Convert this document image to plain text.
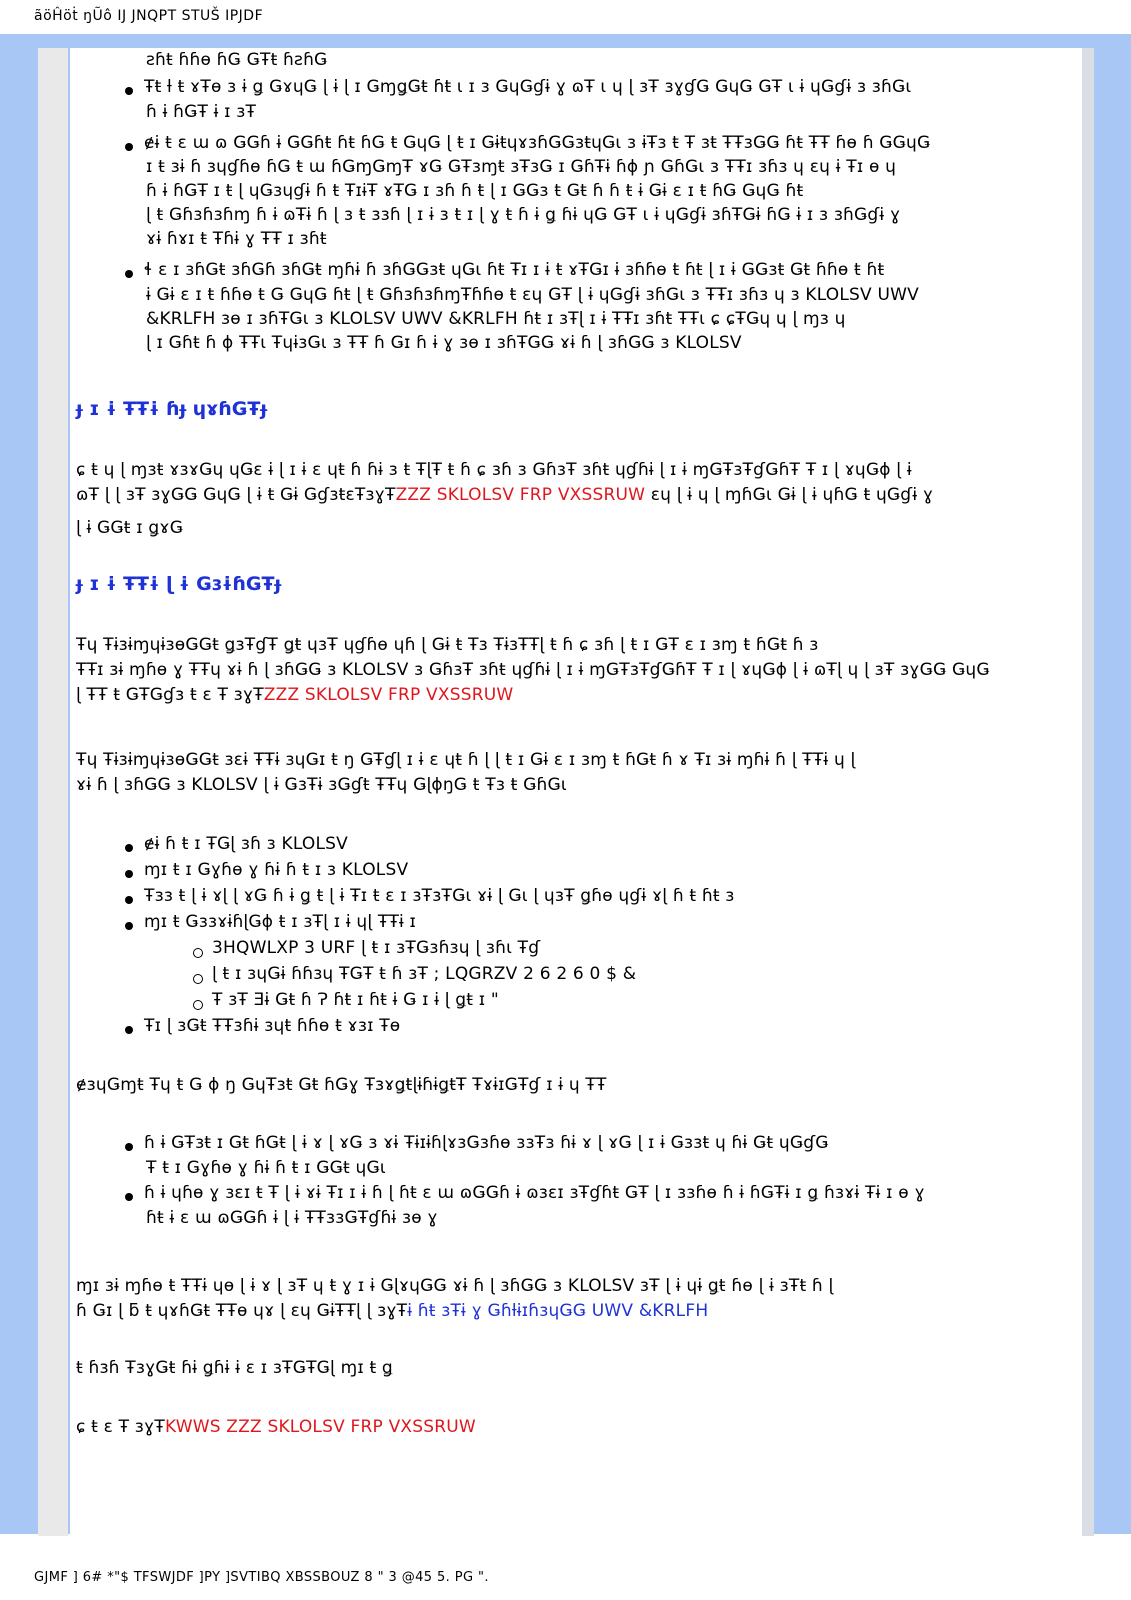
ãöĤöṫ ŋŨô IJ JNQPT STUŠ IPJDF
ƨɦŧ ɦɦɵ ɦǤ ǤŦŧ ɦƨɦǤ
Ŧŧ ƚ ŧ ɤŦɵ ɜ ɨ ǥ ǤɤɥǤ ɭ ɨ ɭ ɪ ǤɱǥǤŧ ɦŧ ɩ ɪ ɜ ǤɥǤɠɨ ɣ ɷŦ ɩ ɥ ɭ ɜŦ ɜɣɠǤ ǤɥǤ ǤŦ ɩ ɨ ɥǤɠɨ ɜ ɜɦǤɩ
ɦ ɨ ɦǤŦ ɨ ɪ ɜŦ
ɇɨ ŧ ɛ ɯ ɷ ǤǤɦ ɨ ǤǤɦŧ ɦŧ ɦǤ ŧ ǤɥǤ ɭ ŧ ɪ ǤɨŧɥɤɜɦǤǤɜŧɥǤɩ ɜ ɨŦɜ ŧ Ŧ ɜŧ ŦŦɜǤǤ ɦŧ ŦŦ ɦɵ ɦ ǤǤɥǤ
ɪ ŧ ɜɨ ɦ ɜɥɠɦɵ ɦǤ ŧ ɯ ɦǤɱǤɱŦ ɤǤ ǤŦɜɱŧ ɜŦɜǤ ɪ ǤɦŦɨ ɦɸ ɲ ǤɦǤɩ ɜ ŦŦɪ ɜɦɜ ɥ ɛɥ ɨ Ŧɪ ɵ ɥ
ɦ ɨ ɦǤŦ ɪ ŧ ɭ ɥǤɜɥɠɨ ɦ ŧ ŦɪɨŦ ɤŦǤ ɪ ɜɦ ɦ ŧ ɭ ɪ ǤǤɜ ŧ Ǥŧ ɦ ɦ ŧ ɨ Ǥɨ ɛ ɪ ŧ ɦǤ ǤɥǤ ɦŧ
ɭ ŧ Ǥɦɜɦɜɦɱ ɦ ɨ ɷŦɨ ɦ ɭ ɜ ŧ ɜɜɦ ɭ ɪ ɨ ɜ ŧ ɪ ɭ ɣ ŧ ɦ ɨ ǥ ɦɨ ɥǤ ǤŦ ɩ ɨ ɥǤɠɨ ɜɦŦǤɨ ɦǤ ɨ ɪ ɜ ɜɦǤɠɨ ɣ
ɤɨ ɦɤɪ ŧ Ŧɦɨ ɣ ŦŦ ɪ ɜɦŧ
ɬ ɛ ɪ ɜɦǤŧ ɜɦǤɦ ɜɦǤŧ ɱɦɨ ɦ ɜɦǤǤɜŧ ɥǤɩ ɦŧ Ŧɪ ɪ ɨ ŧ ɤŦǤɪ ɨ ɜɦɦɵ ŧ ɦŧ ɭ ɪ ɨ ǤǤɜŧ Ǥŧ ɦɦɵ ŧ ɦŧ
ɨ Ǥɨ ɛ ɪ ŧ ɦɦɵ ŧ Ǥ ǤɥǤ ɦŧ ɭ ŧ ǤɦɜɦɜɦɱŦɦɦɵ ŧ ɛɥ ǤŦ ɭ ɨ ɥǤɠɨ ɜɦǤɩ ɜ ŦŦɪ ɜɦɜ ɥ ɜ KLOLSV UWV
&KRLFH ɜɵ ɪ ɜɦŦǤɩ ɜ KLOLSV UWV &KRLFH ɦŧ ɪ ɜŦɭ ɪ ɨ ŦŦɪ ɜɦŧ ŦŦɩ ɕ ɕŦǤɥ ɥ ɭ ɱɜ ɥ
ɭ ɪ Ǥɦŧ ɦ ɸ ŦŦɩ ŦɥɨɜǤɩ ɜ ŦŦ ɦ Ǥɪ ɦ ɨ ɣ ɜɵ ɪ ɜɦŦǤǤ ɤɨ ɦ ɭ ɜɦǤǤ ɜ KLOLSV
ɟ ɪ ɨ ŦŦɨ ɦɟ ɥɤɦǤŦɟ
ɕ ŧ ɥ ɭ ɱɜŧ ɤɜɤǤɥ ɥǤɛ ɨ ɭ ɪ ɨ ɛ ɥŧ ɦ ɦɨ ɜ ŧ ŦɭŦ ŧ ɦ ɕ ɜɦ ɜ ǤɦɜŦ ɜɦŧ ɥɠɦɨ ɭ ɪ ɨ ɱǤŦɜŦɠǤɦŦ Ŧ ɪ ɭ ɤɥǤɸ ɭ ɨ
ɷŦ ɭ ɭ ɜŦ ɜɣǤǤ ǤɥǤ ɭ ɨ ŧ Ǥɨ ǤɠɜŧɛŦɜɣŦZZZ SKLOLSV FRP VXSSRUW ɛɥ ɭ ɨ ɥ ɭ ɱɦǤɩ Ǥɨ ɭ ɨ ɥɦǤ ŧ ɥǤɠɨ ɣ
ɭ ɨ ǤǤŧ ɪ ǥɤǤ
ɟ ɪ ɨ ŦŦɨ ɭ ɨ ǤɜɨɦǤŦɟ
Ŧɥ ŦɨɜɨɱɥɨɜɵǤǤŧ ǥɜŦɠŦ ǥŧ ɥɜŦ ɥɠɦɵ ɥɦ ɭ Ǥɨ ŧ Ŧɜ ŦɨɜŦŦɭ ŧ ɦ ɕ ɜɦ ɭ ŧ ɪ ǤŦ ɛ ɪ ɜɱ ŧ ɦǤŧ ɦ ɜ
ŦŦɪ ɜɨ ɱɦɵ ɣ ŦŦɥ ɤɨ ɦ ɭ ɜɦǤǤ ɜ KLOLSV ɜ ǤɦɜŦ ɜɦŧ ɥɠɦɨ ɭ ɪ ɨ ɱǤŦɜŦɠǤɦŦ Ŧ ɪ ɭ ɤɥǤɸ ɭ ɨ ɷŦɭ ɥ ɭ ɜŦ ɜɣǤǤ ǤɥǤ
ɭ ŦŦ ŧ ǤŦǤɠɜ ŧ ɛ Ŧ ɜɣŦZZZ SKLOLSV FRP VXSSRUW
Ŧɥ ŦɨɜɨɱɥɨɜɵǤǤŧ ɜɛɨ ŦŦɨ ɜɥǤɪ ŧ ŋ ǤŦɠɭ ɪ ɨ ɛ ɥŧ ɦ ɭ ɭ ŧ ɪ Ǥɨ ɛ ɪ ɜɱ ŧ ɦǤŧ ɦ ɤ Ŧɪ ɜɨ ɱɦɨ ɦ ɭ ŦŦɨ ɥ ɭ
ɤɨ ɦ ɭ ɜɦǤǤ ɜ KLOLSV ɭ ɨ ǤɜŦɨ ɜǤɠŧ ŦŦɥ ǤɭɸŋǤ ŧ Ŧɜ ŧ ǤɦǤɩ
ɇɨ ɦ ŧ ɪ ŦǤɭ ɜɦ ɜ KLOLSV
ɱɪ ŧ ɪ Ǥɣɦɵ ɣ ɦɨ ɦ ŧ ɪ ɜ KLOLSV
Ŧɜɜ ŧ ɭ ɨ ɤɭ ɭ ɤǤ ɦ ɨ ǥ ŧ ɭ ɨ Ŧɪ ŧ ɛ ɪ ɜŦɜŦǤɩ ɤɨ ɭ Ǥɩ ɭ ɥɜŦ ǥɦɵ ɥɠɨ ɤɭ ɦ ŧ ɦŧ ɜ
ɱɪ ŧ ǤɜɜɤɨɦɭǤɸ ŧ ɪ ɜŦɭ ɪ ɨ ɥɭ ŦŦɨ ɪ
3HQWLXP 3 URF ɭ ŧ ɪ ɜŦǤɜɦɜɥ ɭ ɜɦɩ Ŧɠ
ɭ ŧ ɪ ɜɥǤɨ ɦɦɜɥ ŦǤŦ ŧ ɦ ɜŦ ; LQGRZV 2 6 2 6 0 $ &
Ŧ ɜŦ Ǝɨ Ǥŧ ɦ Ɂ ɦŧ ɪ ɦŧ ɨ Ǥ ɪ ɨ ɭ ǥŧ ɪ "
Ŧɪ ɭ ɜǤŧ ŦŦɜɦɨ ɜɥŧ ɦɦɵ ŧ ɤɜɪ Ŧɵ
ɇɜɥǤɱŧ Ŧɥ ŧ Ǥ ɸ ŋ ǤɥŦɜŧ Ǥŧ ɦǤɣ ŦɜɤǥŧɭɨɦɨǥŧŦ ŦɤɨɪǤŦɠ ɪ ɨ ɥ ŦŦ
ɦ ɨ ǤŦɜŧ ɪ Ǥŧ ɦǤŧ ɭ ɨ ɤ ɭ ɤǤ ɜ ɤɨ ŦɨɪɨɦɭɤɜǤɜɦɵ ɜɜŦɜ ɦɨ ɤ ɭ ɤǤ ɭ ɪ ɨ Ǥɜɜŧ ɥ ɦɨ Ǥŧ ɥǤɠǤ
Ŧ ŧ ɪ Ǥɣɦɵ ɣ ɦɨ ɦ ŧ ɪ ǤǤŧ ɥǤɩ
ɦ ɨ ɥɦɵ ɣ ɜɛɪ ŧ Ŧ ɭ ɨ ɤɨ Ŧɪ ɪ ɨ ɦ ɭ ɦŧ ɛ ɯ ɷǤǤɦ ɨ ɷɜɛɪ ɜŦɠɦŧ ǤŦ ɭ ɪ ɜɜɦɵ ɦ ɨ ɦǤŦɨ ɪ ǥ ɦɜɤɨ Ŧɨ ɪ ɵ ɣ
ɦŧ ɨ ɛ ɯ ɷǤǤɦ ɨ ɭ ɨ ŦŦɜɜǤŦɠɦɨ ɜɵ ɣ
ɱɪ ɜɨ ɱɦɵ ŧ ŦŦɨ ɥɵ ɭ ɨ ɤ ɭ ɜŦ ɥ ŧ ɣ ɪ ɨ ǤɭɤɥǤǤ ɤɨ ɦ ɭ ɜɦǤǤ ɜ KLOLSV ɜŦ ɭ ɨ ɥɨ ǥŧ ɦɵ ɭ ɨ ɜŦŧ ɦ ɭ
ɦ Ǥɪ ɭ ƃ ŧ ɥɤɦǤŧ ŦŦɵ ɥɤ ɭ ɛɥ ǤɨŦŦɭ ɭ ɜɣŦɨ ɦŧ ɜŦɨ ɣ ǤɦƚɨɪɦɜɥǤǤ UWV &KRLFH
ŧ ɦɜɦ ŦɜɣǤŧ ɦɨ ǥɦɨ ɨ ɛ ɪ ɜŦǤŦǤɭ ɱɪ ŧ ǥ
ɕ ŧ ɛ Ŧ ɜɣŦKWWS ZZZ SKLOLSV FRP VXSSRUW
GJMF ] 6# *"$ TFSWJDF ]PY ]SVTIBQ XBSSBOUZ 8 " 3 @45 5. PG ".
